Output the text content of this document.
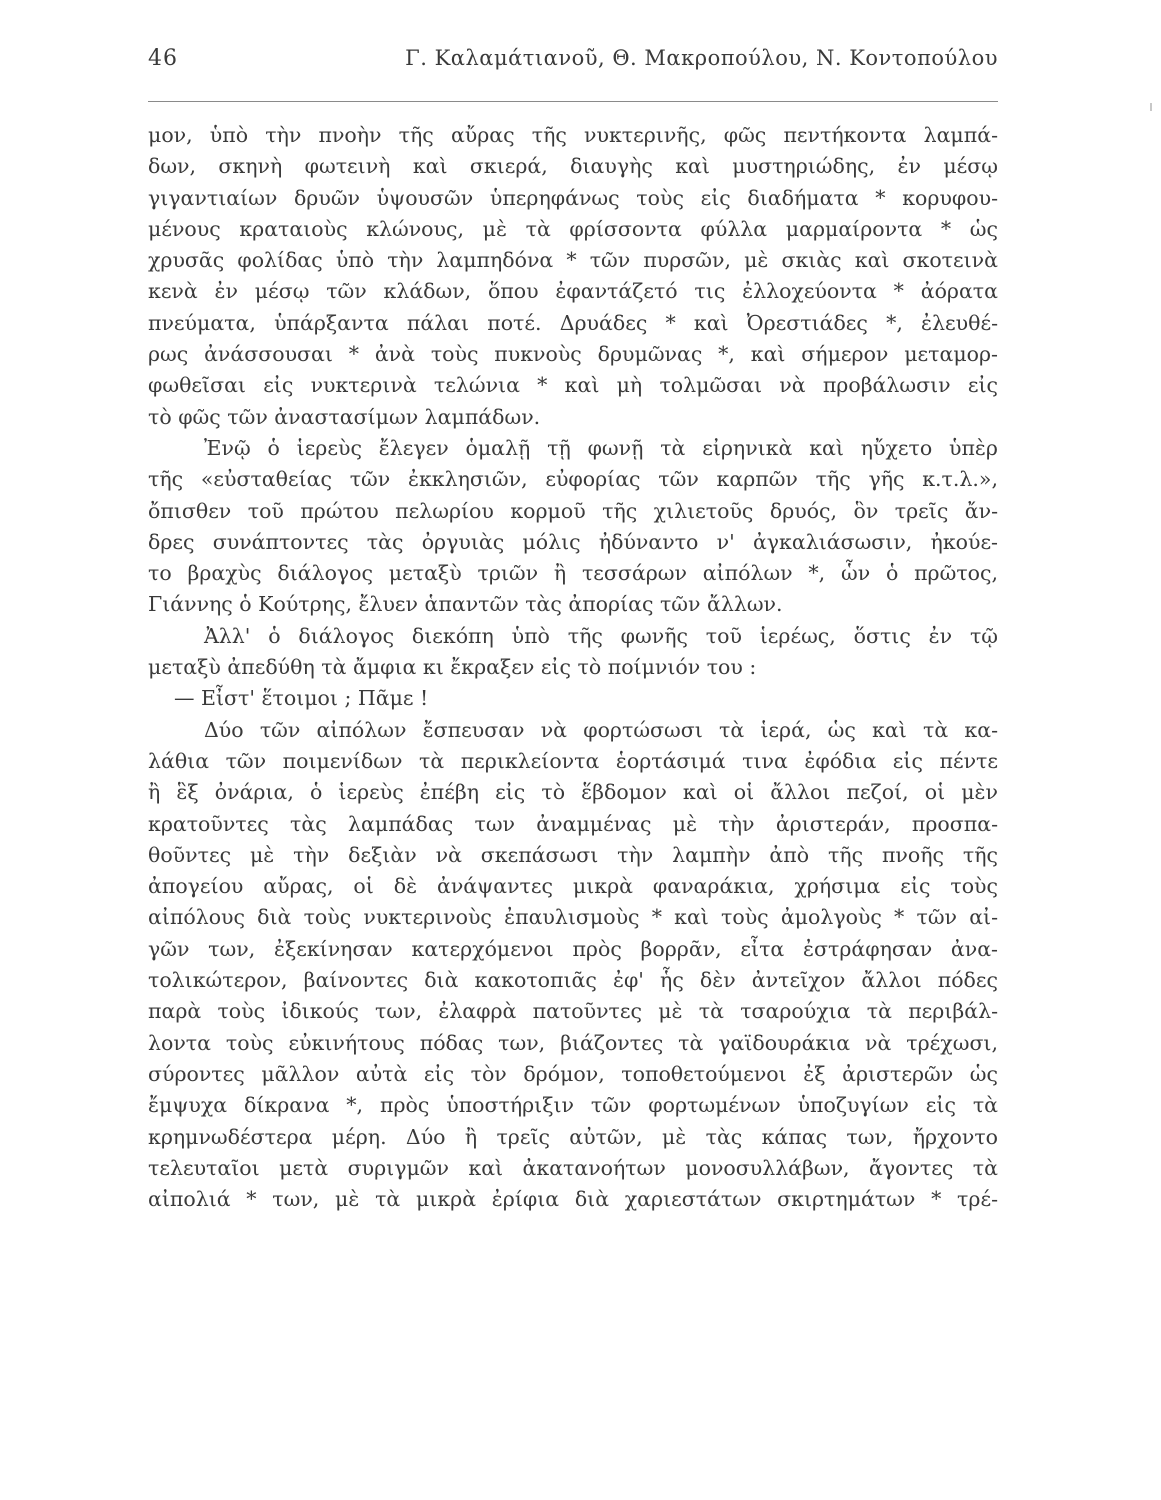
46	Γ. Καλαμάτιανοῦ, Θ. Μακροπούλου, Ν. Κοντοπούλου
μον, ὑπὸ τὴν πνοὴν τῆς αὔρας τῆς νυκτερινῆς, φῶς πεντήκοντα λαμπά-
δων, σκηνὴ φωτεινὴ καὶ σκιερά, διαυγὴς καὶ μυστηριώδης, ἐν μέσῳ
γιγαντιαίων δρυῶν ὑψουσῶν ὑπερηφάνως τοὺς εἰς διαδήματα * κορυφου-
μένους κραταιοὺς κλώνους, μὲ τὰ φρίσσοντα φύλλα μαρμαίροντα * ὡς
χρυσᾶς φολίδας ὑπὸ τὴν λαμπηδόνα * τῶν πυρσῶν, μὲ σκιὰς καὶ σκοτεινὰ
κενὰ ἐν μέσῳ τῶν κλάδων, ὅπου ἐφαντάζετό τις ἐλλοχεύοντα * ἀόρατα
πνεύματα, ὑπάρξαντα πάλαι ποτέ. Δρυάδες * καὶ Ὀρεστιάδες *, ἐλευθέ-
ρως ἀνάσσουσαι * ἀνὰ τοὺς πυκνοὺς δρυμῶνας *, καὶ σήμερον μεταμορ-
φωθεῖσαι εἰς νυκτερινὰ τελώνια * καὶ μὴ τολμῶσαι νὰ προβάλωσιν εἰς
τὸ φῶς τῶν ἀναστασίμων λαμπάδων.
Ἐνῷ ὁ ἱερεὺς ἔλεγεν ὁμαλῇ τῇ φωνῇ τὰ εἰρηνικὰ καὶ ηὔχετο ὑπὲρ
τῆς «εὐσταθείας τῶν ἐκκλησιῶν, εὐφορίας τῶν καρπῶν τῆς γῆς κ.τ.λ.»,
ὄπισθεν τοῦ πρώτου πελωρίου κορμοῦ τῆς χιλιετοῦς δρυός, ὃν τρεῖς ἄν-
δρες συνάπτοντες τὰς ὀργυιὰς μόλις ἠδύναντο ν' ἀγκαλιάσωσιν, ἠκούε-
το βραχὺς διάλογος μεταξὺ τριῶν ἢ τεσσάρων αἰπόλων *, ὧν ὁ πρῶτος,
Γιάννης ὁ Κούτρης, ἔλυεν ἁπαντῶν τὰς ἀπορίας τῶν ἄλλων.
Ἀλλ' ὁ διάλογος διεκόπη ὑπὸ τῆς φωνῆς τοῦ ἱερέως, ὅστις ἐν τῷ
μεταξὺ ἀπεδύθη τὰ ἄμφια κι ἔκραξεν εἰς τὸ ποίμνιόν του :
— Εἶστ' ἕτοιμοι ; Πᾶμε !
Δύο τῶν αἰπόλων ἔσπευσαν νὰ φορτώσωσι τὰ ἱερά, ὡς καὶ τὰ κα-
λάθια τῶν ποιμενίδων τὰ περικλείοντα ἑορτάσιμά τινα ἐφόδια εἰς πέντε
ἢ ἓξ ὀνάρια, ὁ ἱερεὺς ἐπέβη εἰς τὸ ἕβδομον καὶ οἱ ἄλλοι πεζοί, οἱ μὲν
κρατοῦντες τὰς λαμπάδας των ἀναμμένας μὲ τὴν ἀριστεράν, προσπα-
θοῦντες μὲ τὴν δεξιὰν νὰ σκεπάσωσι τὴν λαμπὴν ἀπὸ τῆς πνοῆς τῆς
ἀπογείου αὔρας, οἱ δὲ ἀνάψαντες μικρὰ φαναράκια, χρήσιμα εἰς τοὺς
αἰπόλους διὰ τοὺς νυκτερινοὺς ἐπαυλισμοὺς * καὶ τοὺς ἀμολγοὺς * τῶν αἰ-
γῶν των, ἐξεκίνησαν κατερχόμενοι πρὸς βορρᾶν, εἶτα ἐστράφησαν ἀνα-
τολικώτερον, βαίνοντες διὰ κακοτοπιᾶς ἐφ' ἧς δὲν ἀντεῖχον ἄλλοι πόδες
παρὰ τοὺς ἰδικούς των, ἐλαφρὰ πατοῦντες μὲ τὰ τσαρούχια τὰ περιβάλ-
λοντα τοὺς εὐκινήτους πόδας των, βιάζοντες τὰ γαϊδουράκια νὰ τρέχωσι,
σύροντες μᾶλλον αὐτὰ εἰς τὸν δρόμον, τοποθετούμενοι ἐξ ἀριστερῶν ὡς
ἔμψυχα δίκρανα *, πρὸς ὑποστήριξιν τῶν φορτωμένων ὑποζυγίων εἰς τὰ
κρημνωδέστερα μέρη. Δύο ἢ τρεῖς αὐτῶν, μὲ τὰς κάπας των, ἤρχοντο
τελευταῖοι μετὰ συριγμῶν καὶ ἀκατανοήτων μονοσυλλάβων, ἄγοντες τὰ
αἰπολιά * των, μὲ τὰ μικρὰ ἐρίφια διὰ χαριεστάτων σκιρτημάτων * τρέ-
